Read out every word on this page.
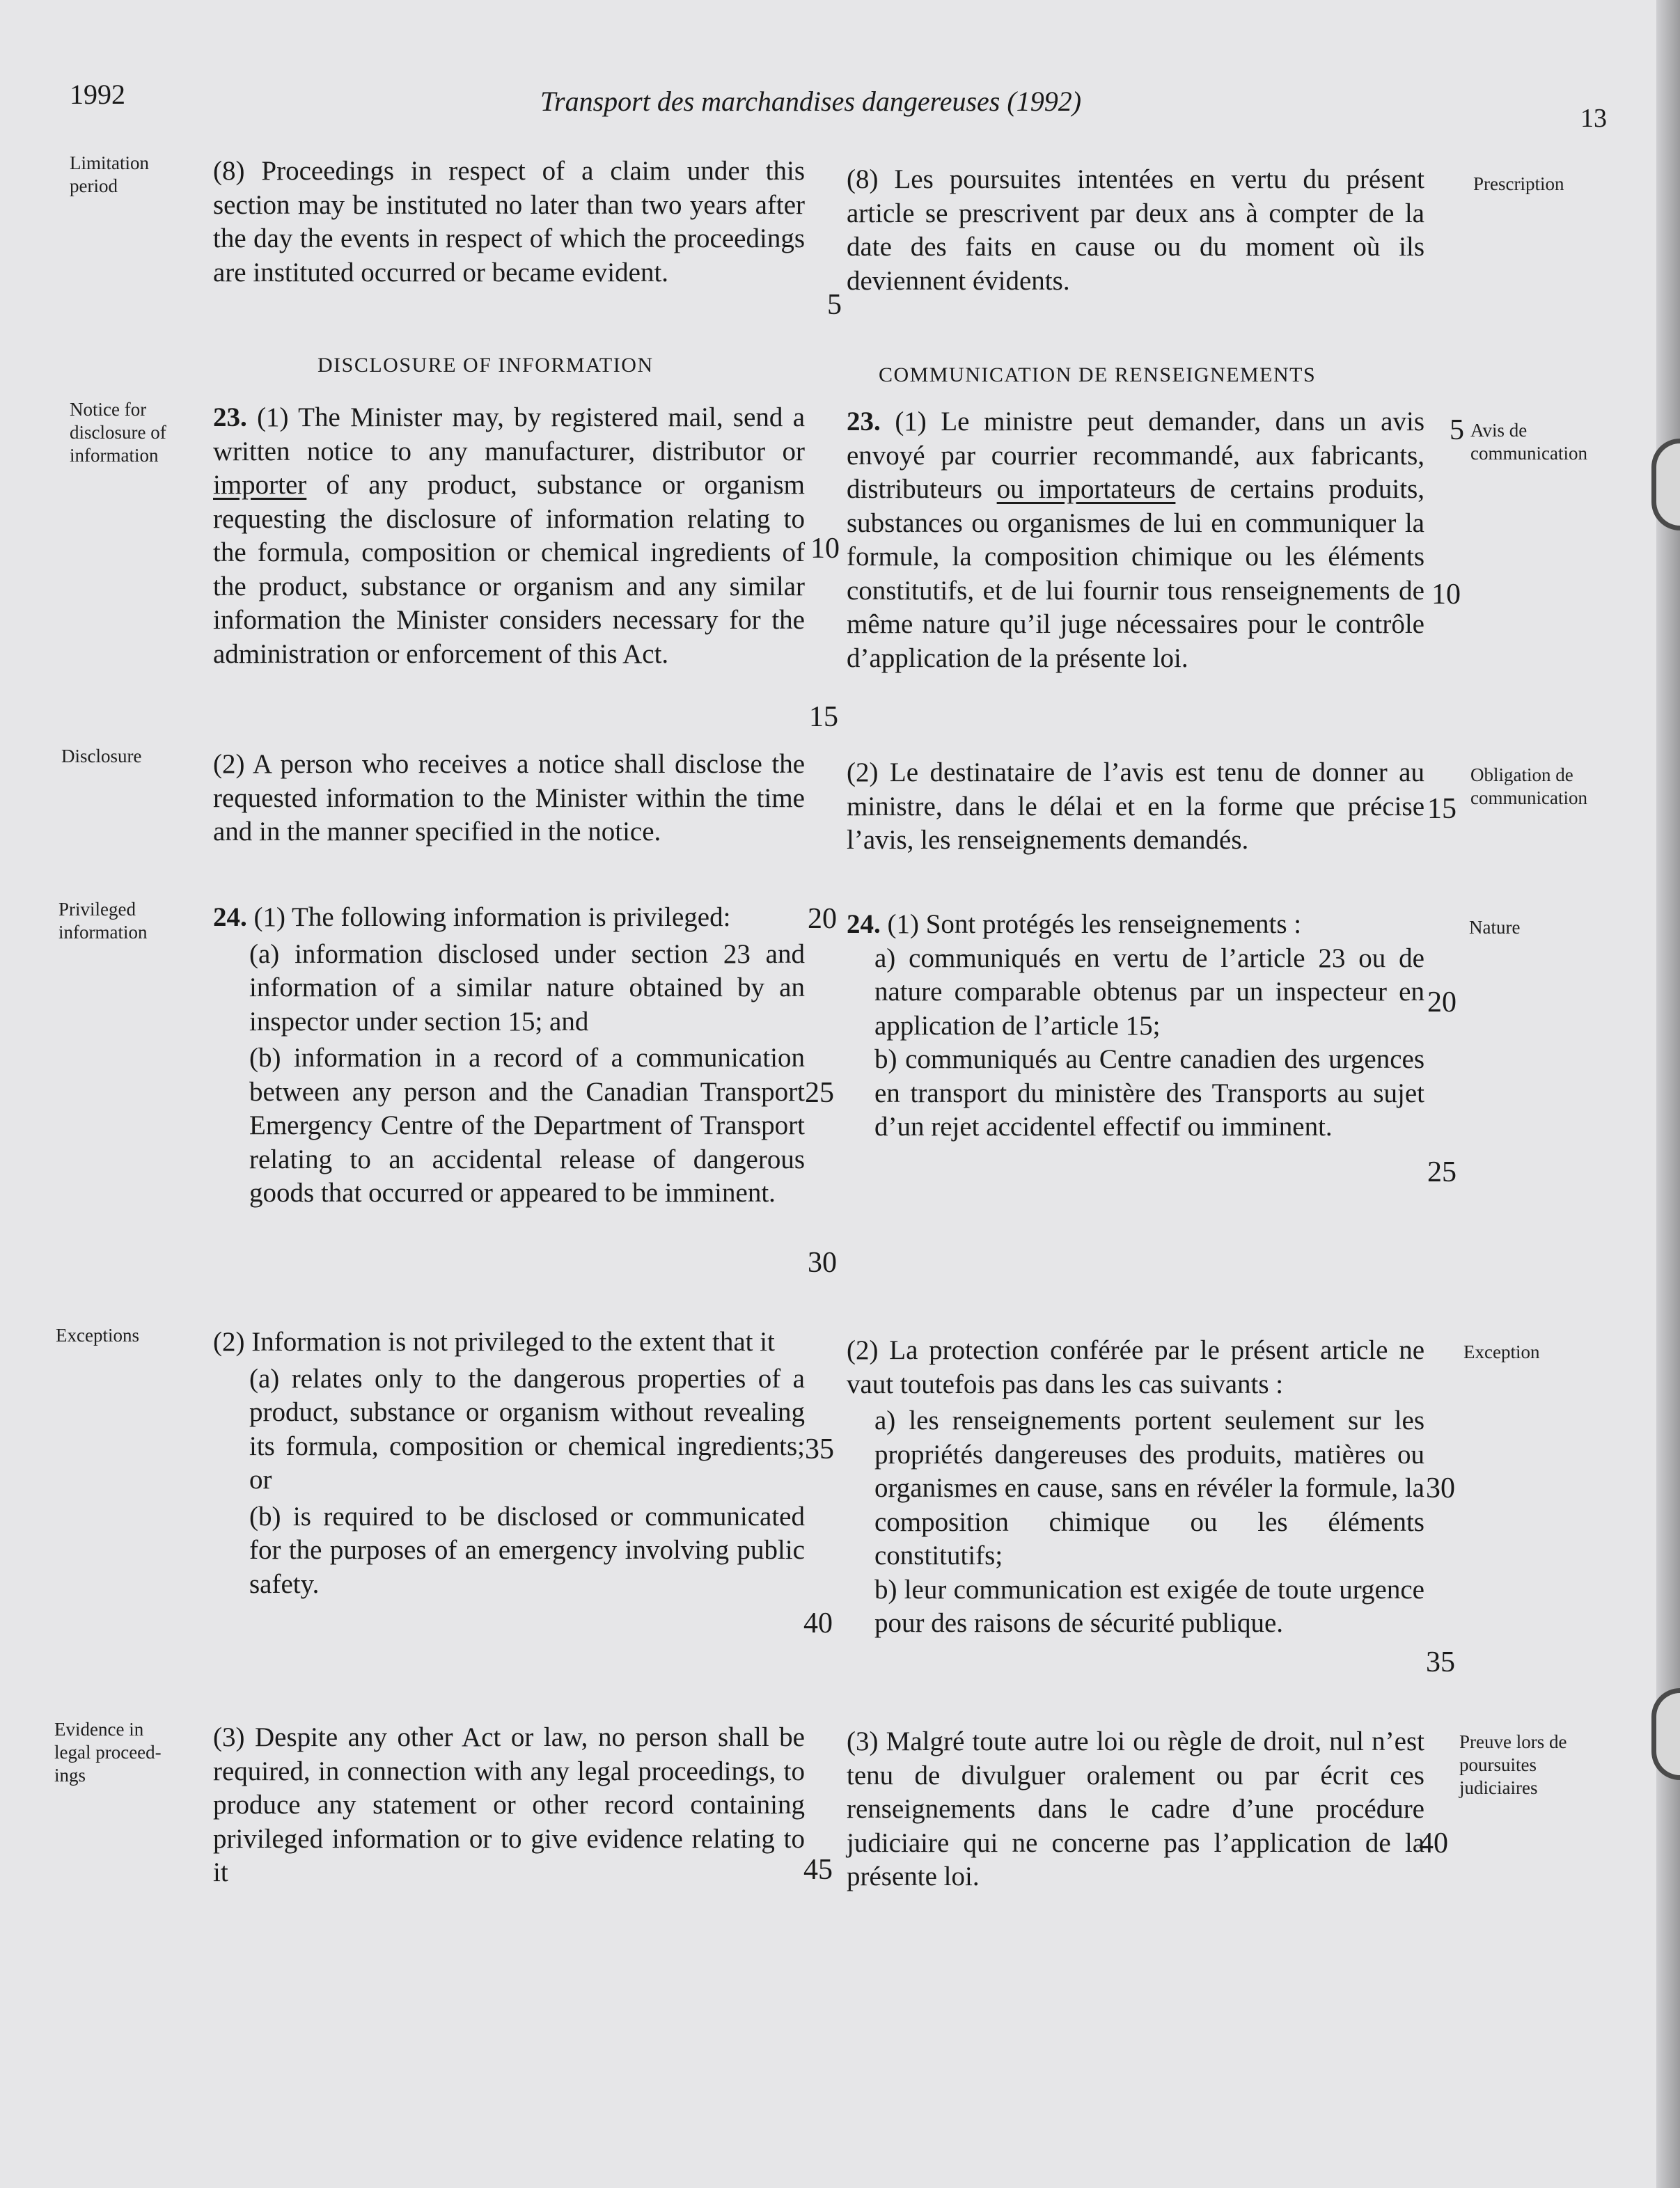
1992	Transport des marchandises dangereuses (1992)
13
Limitation
period
Notice for
disclosure of
information
Disclosure
Privileged
information
Exceptions
Evidence in
legal proceed-
ings
Prescription
Avis de
communication
Obligation de
communication
Nature
Exception
Preuve lors de
poursuites
judiciaires
DISCLOSURE OF INFORMATION	COMMUNICATION DE RENSEIGNEMENTS

(8) Proceedings in respect of a claim under this section may be instituted no later than two years after the day the events in respect of which the proceedings are instituted occurred or became evident.

23. (1) The Minister may, by registered mail, send a written notice to any manufacturer, distributor or importer of any product, substance or organism requesting the disclosure of information relating to the formula, composition or chemical ingredients of the product, substance or organism and any similar information the Minister considers necessary for the administration or enforcement of this Act.

(2) A person who receives a notice shall disclose the requested information to the Minister within the time and in the manner specified in the notice.

24. (1) The following information is privileged:

(a) information disclosed under section 23 and information of a similar nature obtained by an inspector under section 15; and

(b) information in a record of a communication between any person and the Canadian Transport Emergency Centre of the Department of Transport relating to an accidental release of dangerous goods that occurred or appeared to be imminent.

(2) Information is not privileged to the extent that it

(a) relates only to the dangerous properties of a product, substance or organism without revealing its formula, composition or chemical ingredients; or

(b) is required to be disclosed or communicated for the purposes of an emergency involving public safety.

(3) Despite any other Act or law, no person shall be required, in connection with any legal proceedings, to produce any statement or other record containing privileged information or to give evidence relating to it

(8) Les poursuites intentées en vertu du présent article se prescrivent par deux ans à compter de la date des faits en cause ou du moment où ils deviennent évidents.

23. (1) Le ministre peut demander, dans un avis envoyé par courrier recommandé, aux fabricants, distributeurs ou importateurs de certains produits, substances ou organismes de lui en communiquer la formule, la composition chimique ou les éléments constitutifs, et de lui fournir tous renseignements de même nature qu’il juge nécessaires pour le contrôle d’application de la présente loi.

(2) Le destinataire de l’avis est tenu de donner au ministre, dans le délai et en la forme que précise l’avis, les renseignements demandés.

24. (1) Sont protégés les renseignements :

a) communiqués en vertu de l’article 23 ou de nature comparable obtenus par un inspecteur en application de l’article 15;

b) communiqués au Centre canadien des urgences en transport du ministère des Transports au sujet d’un rejet accidentel effectif ou imminent.

(2) La protection conférée par le présent article ne vaut toutefois pas dans les cas suivants :

a) les renseignements portent seulement sur les propriétés dangereuses des produits, matières ou organismes en cause, sans en révéler la formule, la composition chimique ou les éléments constitutifs;

b) leur communication est exigée de toute urgence pour des raisons de sécurité publique.

(3) Malgré toute autre loi ou règle de droit, nul n’est tenu de divulguer oralement ou par écrit ces renseignements dans le cadre d’une procédure judiciaire qui ne concerne pas l’application de la présente loi.

5
10
15
20
25
30
35
40
45
5
10
15
20
25
30
35
40
